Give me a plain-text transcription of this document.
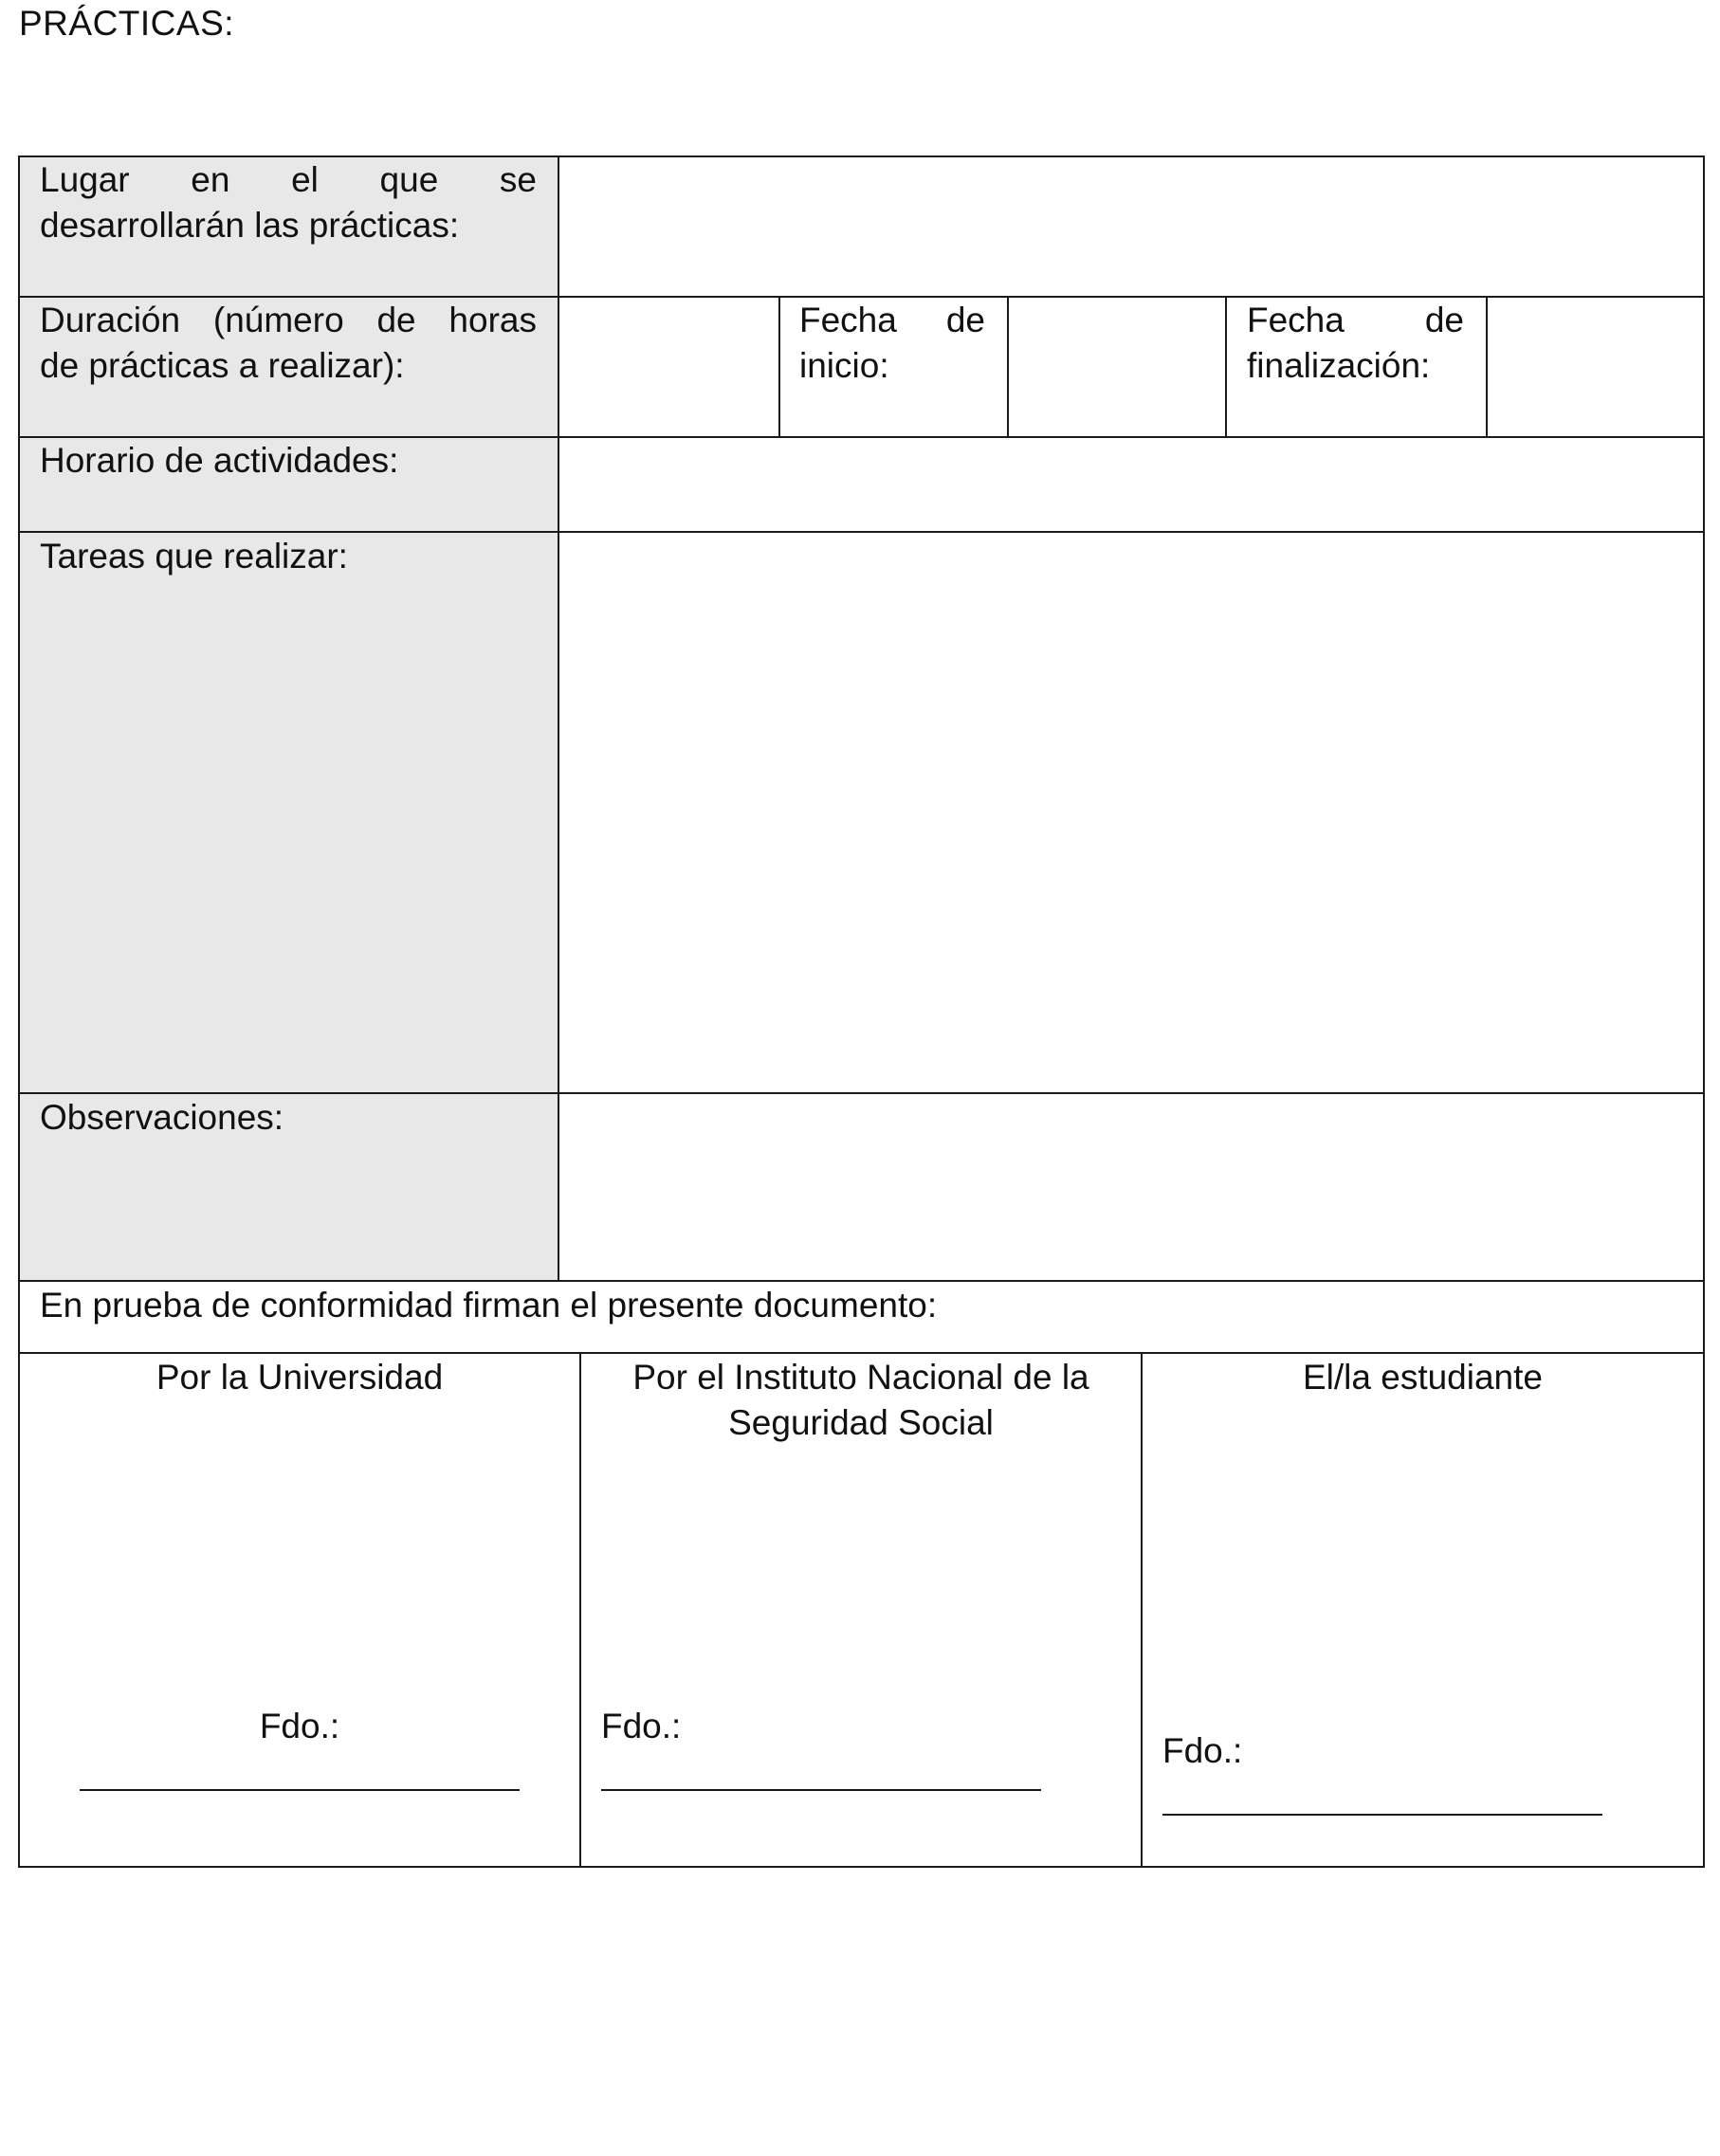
PRÁCTICAS:
Lugar en el que se
desarrollarán las prácticas:
Duración (número de horas
de prácticas a realizar):
Fecha de
inicio:
Fecha de
finalización:
Horario de actividades:
Tareas que realizar:
Observaciones:
En prueba de conformidad firman el presente documento:
Por la Universidad
Fdo.:
Por el Instituto Nacional de la Seguridad Social
Fdo.:
El/la estudiante
Fdo.:
